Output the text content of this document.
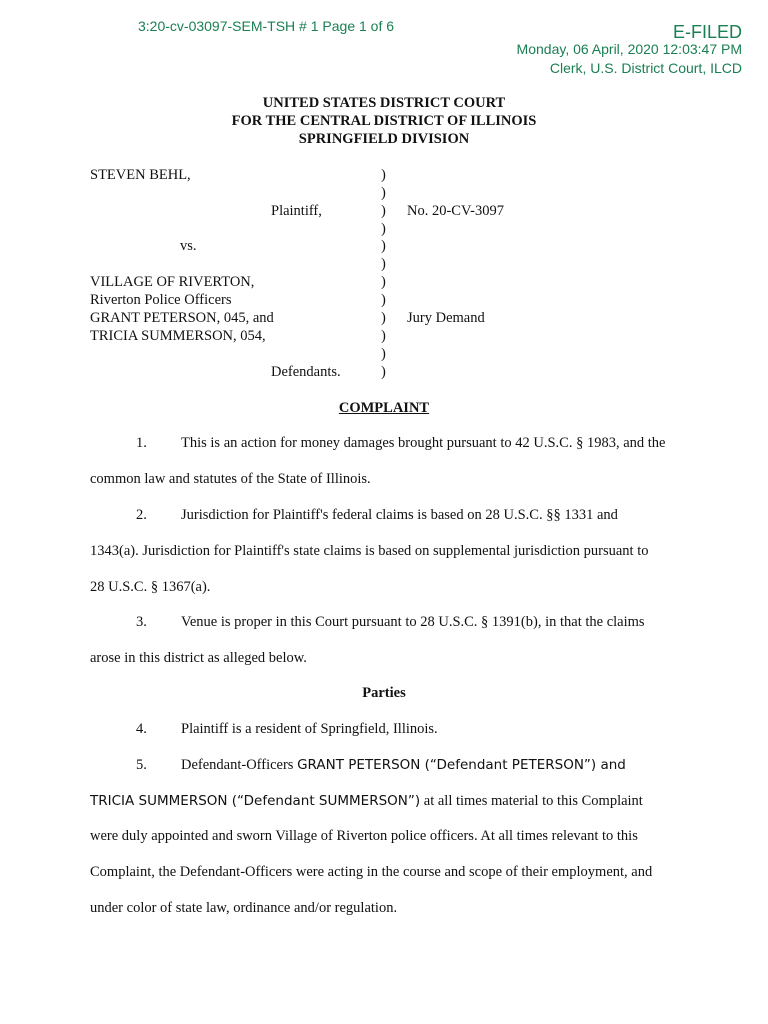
3:20-cv-03097-SEM-TSH # 1 Page 1 of 6	E-FILED
Monday, 06 April, 2020 12:03:47 PM
Clerk, U.S. District Court, ILCD
UNITED STATES DISTRICT COURT
FOR THE CENTRAL DISTRICT OF ILLINOIS
SPRINGFIELD DIVISION
STEVEN BEHL,
Plaintiff,
vs.
VILLAGE OF RIVERTON,
Riverton Police Officers
GRANT PETERSON, 045, and
TRICIA SUMMERSON, 054,
Defendants.
)
)
)
)
)
)
)
)
)
)
)
)
No. 20-CV-3097
Jury Demand
COMPLAINT
1. This is an action for money damages brought pursuant to 42 U.S.C. § 1983, and the
common law and statutes of the State of Illinois.
2. Jurisdiction for Plaintiff's federal claims is based on 28 U.S.C. §§ 1331 and
1343(a). Jurisdiction for Plaintiff's state claims is based on supplemental jurisdiction pursuant to
28 U.S.C. § 1367(a).
3. Venue is proper in this Court pursuant to 28 U.S.C. § 1391(b), in that the claims
arose in this district as alleged below.
Parties
4. Plaintiff is a resident of Springfield, Illinois.
5. Defendant-Officers GRANT PETERSON (“Defendant PETERSON”) and
TRICIA SUMMERSON (“Defendant SUMMERSON”) at all times material to this Complaint
were duly appointed and sworn Village of Riverton police officers. At all times relevant to this
Complaint, the Defendant-Officers were acting in the course and scope of their employment, and
under color of state law, ordinance and/or regulation.
